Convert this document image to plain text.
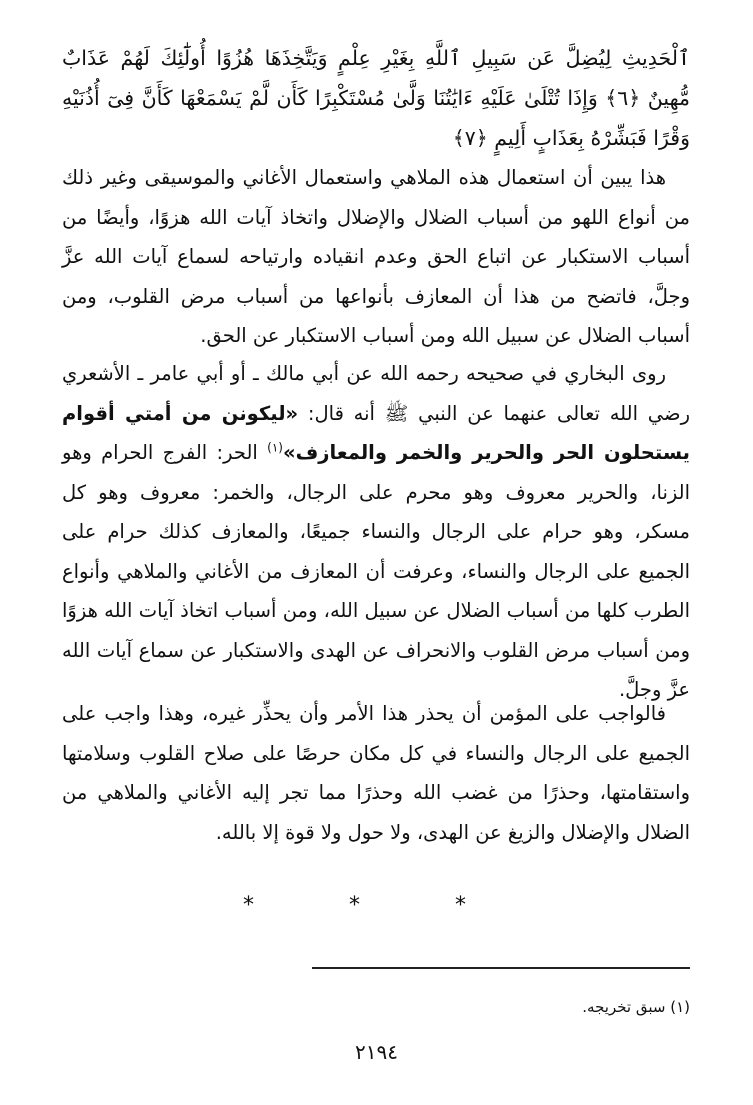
ٱلْحَدِيثِ لِيُضِلَّ عَن سَبِيلِ ٱللَّهِ بِغَيْرِ عِلْمٍ وَيَتَّخِذَهَا هُزُوًا أُولَٰٓئِكَ لَهُمْ عَذَابٌ مُّهِينٌ ﴿٦﴾ وَإِذَا تُتْلَىٰ عَلَيْهِ ءَايَٰتُنَا وَلَّىٰ مُسْتَكْبِرًا كَأَن لَّمْ يَسْمَعْهَا كَأَنَّ فِىٓ أُذُنَيْهِ وَقْرًا فَبَشِّرْهُ بِعَذَابٍ أَلِيمٍ ﴿٧﴾
هذا يبين أن استعمال هذه الملاهي واستعمال الأغاني والموسيقى وغير ذلك من أنواع اللهو من أسباب الضلال والإضلال واتخاذ آيات الله هزوًا، وأيضًا من أسباب الاستكبار عن اتباع الحق وعدم انقياده وارتياحه لسماع آيات الله عزَّ وجلَّ، فاتضح من هذا أن المعازف بأنواعها من أسباب مرض القلوب، ومن أسباب الضلال عن سبيل الله ومن أسباب الاستكبار عن الحق.
روى البخاري في صحيحه رحمه الله عن أبي مالك ـ أو أبي عامر ـ الأشعري رضي الله تعالى عنهما عن النبي ﷺ أنه قال: «ليكونن من أمتي أقوام يستحلون الحر والحرير والخمر والمعازف»$^{(١)}$ الحر: الفرج الحرام وهو الزنا، والحرير معروف وهو محرم على الرجال، والخمر: معروف وهو كل مسكر، وهو حرام على الرجال والنساء جميعًا، والمعازف كذلك حرام على الجميع على الرجال والنساء، وعرفت أن المعازف من الأغاني والملاهي وأنواع الطرب كلها من أسباب الضلال عن سبيل الله، ومن أسباب اتخاذ آيات الله هزوًا ومن أسباب مرض القلوب والانحراف عن الهدى والاستكبار عن سماع آيات الله عزَّ وجلَّ.
فالواجب على المؤمن أن يحذر هذا الأمر وأن يحذِّر غيره، وهذا واجب على الجميع على الرجال والنساء في كل مكان حرصًا على صلاح القلوب وسلامتها واستقامتها، وحذرًا من غضب الله وحذرًا مما تجر إليه الأغاني والملاهي من الضلال والإضلال والزيغ عن الهدى، ولا حول ولا قوة إلا بالله.
* * *
(١) سبق تخريجه.
٢١٩٤
